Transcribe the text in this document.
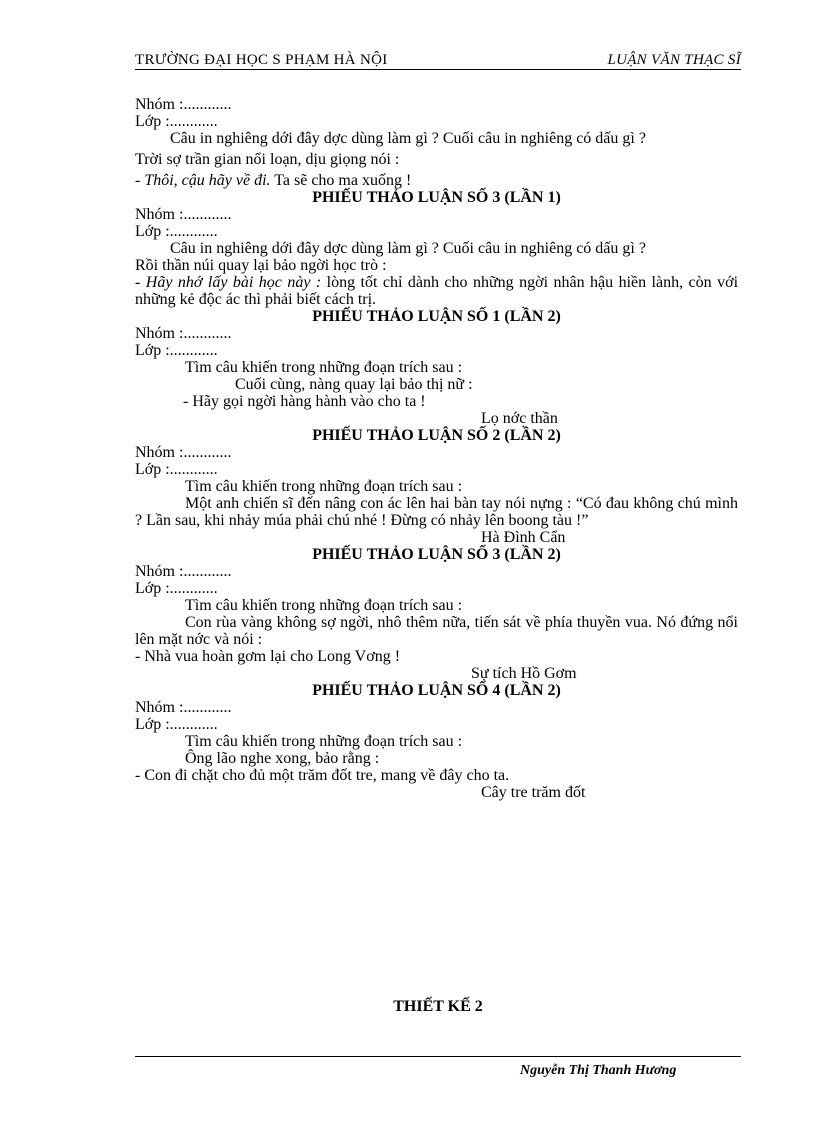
TRƯỜNG ĐẠI HỌC S PHẠM HÀ NỘI	LUẬN VĂN THẠC SĨ
Nhóm :............
Lớp :............
Câu in nghiêng dới đây dợc dùng làm gì ? Cuối câu in nghiêng có dấu gì ?
Trời sợ trần gian nổi loạn, dịu giọng nói :
- Thôi, cậu hãy về đi. Ta sẽ cho ma xuống !
PHIẾU THẢO LUẬN SỐ 3 (LẦN 1)
Nhóm :............
Lớp :............
Câu in nghiêng dới đây dợc dùng làm gì ? Cuối câu in nghiêng có dấu gì ?
Rồi thần núi quay lại bảo ngời học trò :
- Hãy nhớ lấy bài học này : lòng tốt chỉ dành cho những ngời nhân hậu hiền lành, còn với những kẻ độc ác thì phải biết cách trị.
PHIẾU THẢO LUẬN SỐ 1 (LẦN 2)
Nhóm :............
Lớp :............
Tìm câu khiến trong những đoạn trích sau :
Cuối cùng, nàng quay lại bảo thị nữ :
- Hãy gọi ngời hàng hành vào cho ta !
Lọ nớc thần
PHIẾU THẢO LUẬN SỐ 2 (LẦN 2)
Nhóm :............
Lớp :............
Tìm câu khiến trong những đoạn trích sau :
Một anh chiến sĩ đến nâng con ác lên hai bàn tay nói nựng : “Có đau không chú mình ? Lần sau, khi nhảy múa phải chú nhé ! Đừng có nhảy lên boong tàu !”
Hà Đình Cẩn
PHIẾU THẢO LUẬN SỐ 3 (LẦN 2)
Nhóm :............
Lớp :............
Tìm câu khiến trong những đoạn trích sau :
Con rùa vàng không sợ ngời, nhô thêm nữa, tiến sát về phía thuyền vua. Nó đứng nổi lên mặt nớc và nói :
- Nhà vua hoàn gơm lại cho Long Vơng !
Sự tích Hồ Gơm
PHIẾU THẢO LUẬN SỐ 4 (LẦN 2)
Nhóm :............
Lớp :............
Tìm câu khiến trong những đoạn trích sau :
Ông lão nghe xong, bảo rằng :
- Con đi chặt cho đủ một trăm đốt tre, mang về đây cho ta.
Cây tre trăm đốt
THIẾT KẾ 2
Nguyễn Thị Thanh Hương
